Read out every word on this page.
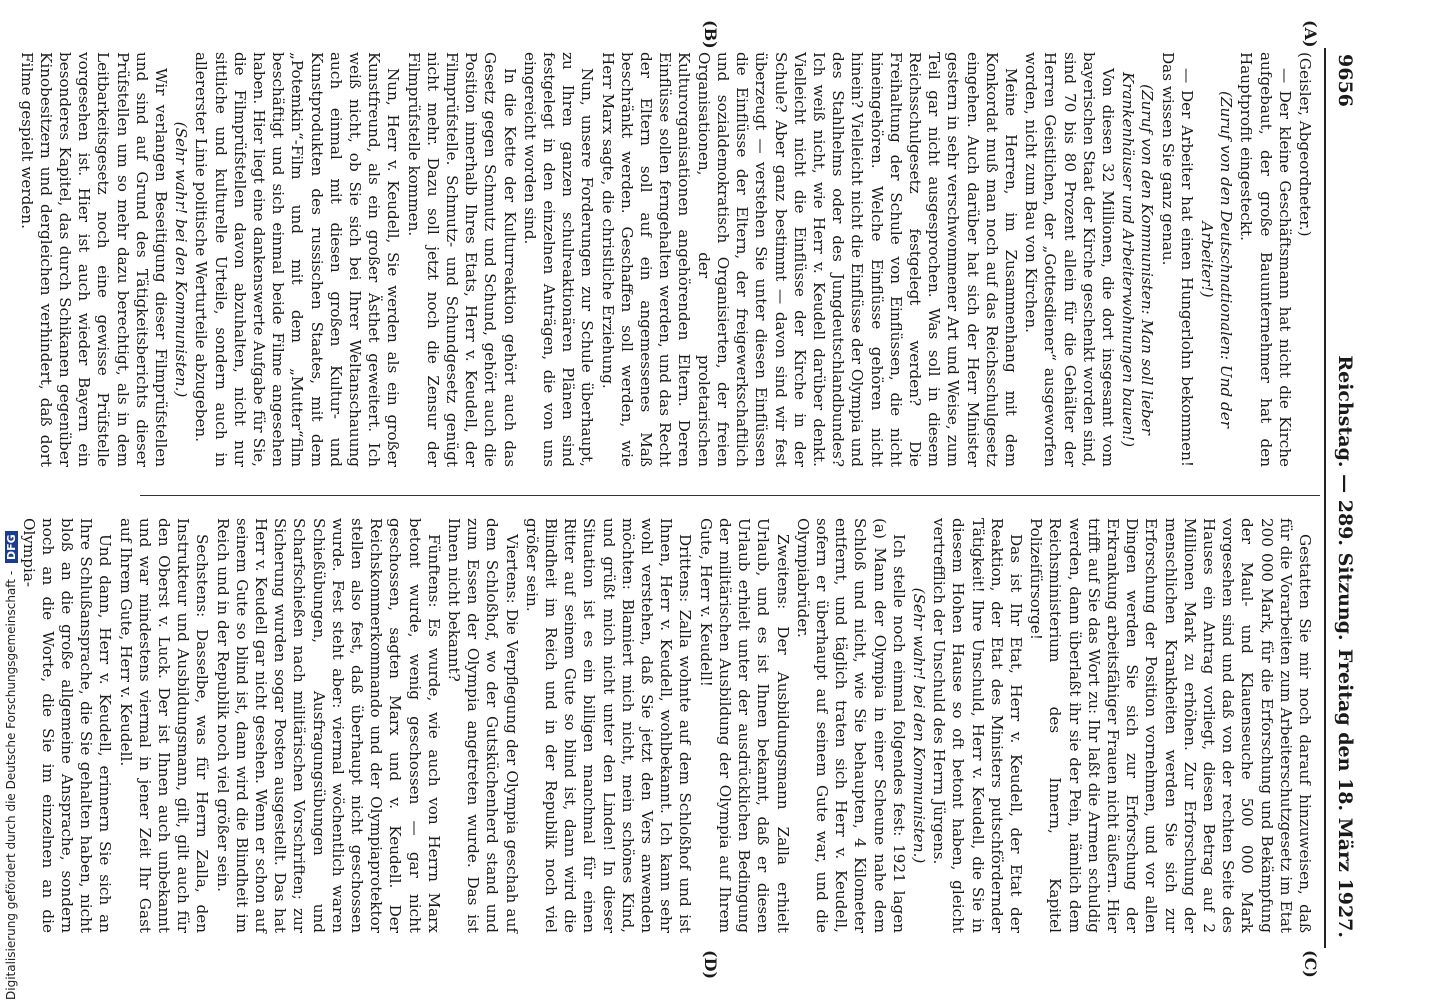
9656
Reichstag. — 289. Sitzung.
Freitag den 18. März 1927.
(A)
(B)
(C)
(D)

(Geisler, Abgeordneter.)

— Der kleine Geschäftsmann hat nicht die Kirche aufgebaut, der große Bauunternehmer hat den Hauptprofit eingesteckt.

(Zuruf von den Deutschnationalen: Und der Arbeiter!)

— Der Arbeiter hat einen Hungerlohn bekommen! Das wissen Sie ganz genau.

(Zuruf von den Kommunisten: Man soll lieber Krankenhäuser und Arbeiterwohnungen bauen!)

Von diesen 32 Millionen, die dort insgesamt vom bayerischen Staat der Kirche geschenkt worden sind, sind 70 bis 80 Prozent allein für die Gehälter der Herren Geistlichen, der „Gottesdiener“ ausgeworfen worden, nicht zum Bau von Kirchen.

Meine Herren, im Zusammenhang mit dem Konkordat muß man noch auf das Reichsschulgesetz eingehen. Auch darüber hat sich der Herr Minister gestern in sehr verschwommener Art und Weise, zum Teil gar nicht ausgesprochen. Was soll in diesem Reichsschulgesetz festgelegt werden? Die Freihaltung der Schule von Einflüssen, die nicht hineingehören. Welche Einflüsse gehören nicht hinein? Vielleicht nicht die Einflüsse der Olympia und des Stahlhelms oder des Jungdeutschlandbundes? Ich weiß nicht, wie Herr v. Keudell darüber denkt. Vielleicht nicht die Einflüsse der Kirche in der Schule? Aber ganz bestimmt — davon sind wir fest überzeugt — verstehen Sie unter diesen Einflüssen die Einflüsse der Eltern, der freigewerkschaftlich und sozialdemokratisch Organisierten, der freien Organisationen, der proletarischen Kulturorganisationen angehörenden Eltern. Deren Einflüsse sollen ferngehalten werden, und das Recht der Eltern soll auf ein angemessenes Maß beschränkt werden. Geschaffen soll werden, wie Herr Marx sagte, die christliche Erziehung.

Nun, unsere Forderungen zur Schule überhaupt, zu Ihren ganzen schulreaktionären Plänen sind festgelegt in den einzelnen Anträgen, die von uns eingereicht worden sind.

In die Kette der Kulturreaktion gehört auch das Gesetz gegen Schmutz und Schund, gehört auch die Position innerhalb Ihres Etats, Herr v. Keudell, der Filmprüfstelle. Schmutz- und Schundgesetz genügt nicht mehr. Dazu soll jetzt noch die Zensur der Filmprüfstelle kommen.

Nun, Herr v. Keudell, Sie werden als ein großer Kunstfreund, als ein großer Ästhet geweitert. Ich weiß nicht, ob Sie sich bei Ihrer Weltanschauung auch einmal mit diesen großen Kultur- und Kunstprodukten des russischen Staates, mit dem „Potemkin“-Film und mit dem „Mutter“film beschäftigt und sich einmal beide Filme angesehen haben. Hier liegt eine dankenswerte Aufgabe für Sie, die Filmprüfstellen davon abzuhalten, nicht nur sittliche und kulturelle Urteile, sondern auch in allererster Linie politische Werturteile abzugeben.

(Sehr wahr! bei den Kommunisten.)

Wir verlangen Beseitigung dieser Filmprüfstellen und sind auf Grund des Tätigkeitsberichts dieser Prüfstellen um so mehr dazu berechtigt, als in dem Leitbarkeitsgesetz noch eine gewisse Prüfstelle vorgesehen ist. Hier ist auch wieder Bayern ein besonderes Kapitel, das durch Schikanen gegenüber Kinobesitzern und dergleichen verhindert, daß dort Filme gespielt werden.

Gestatten Sie mir noch darauf hinzuweisen, daß für die Vorarbeiten zum Arbeiterschutzgesetz im Etat 200 000 Mark, für die Erforschung und Bekämpfung der Maul- und Klauenseuche 500 000 Mark vorgesehen sind und daß von der rechten Seite des Hauses ein Antrag vorliegt, diesen Betrag auf 2 Millionen Mark zu erhöhen. Zur Erforschung der menschlichen Krankheiten werden Sie sich zur Erforschung der Position vornehmen, und vor allen Dingen werden Sie sich zur Erforschung der Erkrankung arbeitsfähiger Frauen nicht äußern. Hier trifft auf Sie das Wort zu: Ihr laßt die Armen schuldig werden, dann überlaßt ihr sie der Pein, nämlich dem Reichsministerium des Innern, Kapitel Polizeifürsorge!

Das ist Ihr Etat, Herr v. Keudell, der Etat der Reaktion, der Etat des Ministers putschfördernder Tätigkeit! Ihre Unschuld, Herr v. Keudell, die Sie in diesem Hohen Hause so oft betont haben, gleicht vertrefflich der Unschuld des Herrn Jürgens.

(Sehr wahr! bei den Kommunisten.)

Ich stelle noch einmal folgendes fest: 1921 lagen (a) Mann der Olympia in einer Scheune nahe dem Schloß und nicht, wie Sie behaupten, 4 Kilometer entfernt, und täglich traten sich Herr v. Keudell, sofern er überhaupt auf seinem Gute war, und die Olympiabrüder.

Zweitens: Der Ausbildungsmann Zalla erhielt Urlaub, und es ist Ihnen bekannt, daß er diesen Urlaub erhielt unter der ausdrücklichen Bedingung der militärischen Ausbildung der Olympia auf Ihrem Gute, Herr v. Keudell!

Drittens: Zalla wohnte auf dem Schloßhof und ist Ihnen, Herr v. Keudell, wohlbekannt. Ich kann sehr wohl verstehen, daß Sie jetzt den Vers anwenden möchten: Blamiert mich nicht, mein schönes Kind, und grüßt mich nicht unter den Linden! In dieser Situation ist es ein billigen manchmal für einen Ritter auf seinem Gute so blind ist, dann wird die Blindheit im Reich und in der Republik noch viel größer sein.

Viertens: Die Verpflegung der Olympia geschah auf dem Schloßhof, wo der Gutsküchenherd stand und zum Essen der Olympia angetreten wurde. Das ist Ihnen nicht bekannt?

Fünftens: Es wurde, wie auch von Herrn Marx betont wurde, wenig geschossen — gar nicht geschossen, sagten Marx und v. Keudell. Der Reichskommerkommando und der Olympiaprotektor stellen also fest, daß überhaupt nicht geschossen wurde. Fest steht aber: viermal wöchentlich waren Schießübungen, Ausfragungsübungen und Scharfschießen nach militärischen Vorschriften; zur Sicherung wurden sogar Posten ausgestellt. Das hat Herr v. Keudell gar nicht gesehen. Wenn er schon auf seinem Gute so blind ist, dann wird die Blindheit im Reich und in der Republik noch viel größer sein.

Sechstens: Dasselbe, was für Herrn Zalla, den Instrukteur und Ausbildungsmann, gilt, gilt auch für den Oberst v. Luck. Der ist Ihnen auch unbekannt und war mindestens viermal in jener Zeit Ihr Gast auf Ihrem Gute, Herr v. Keudell.

Und dann, Herr v. Keudell, erinnern Sie sich an Ihre Schlußansprache, die Sie gehalten haben, nicht bloß an die große allgemeine Ansprache, sondern noch an die Worte, die Sie im einzelnen an die Olympia-

Digitalisierung gefördert durch die Deutsche Forschungsgemeinschaft - DFG
